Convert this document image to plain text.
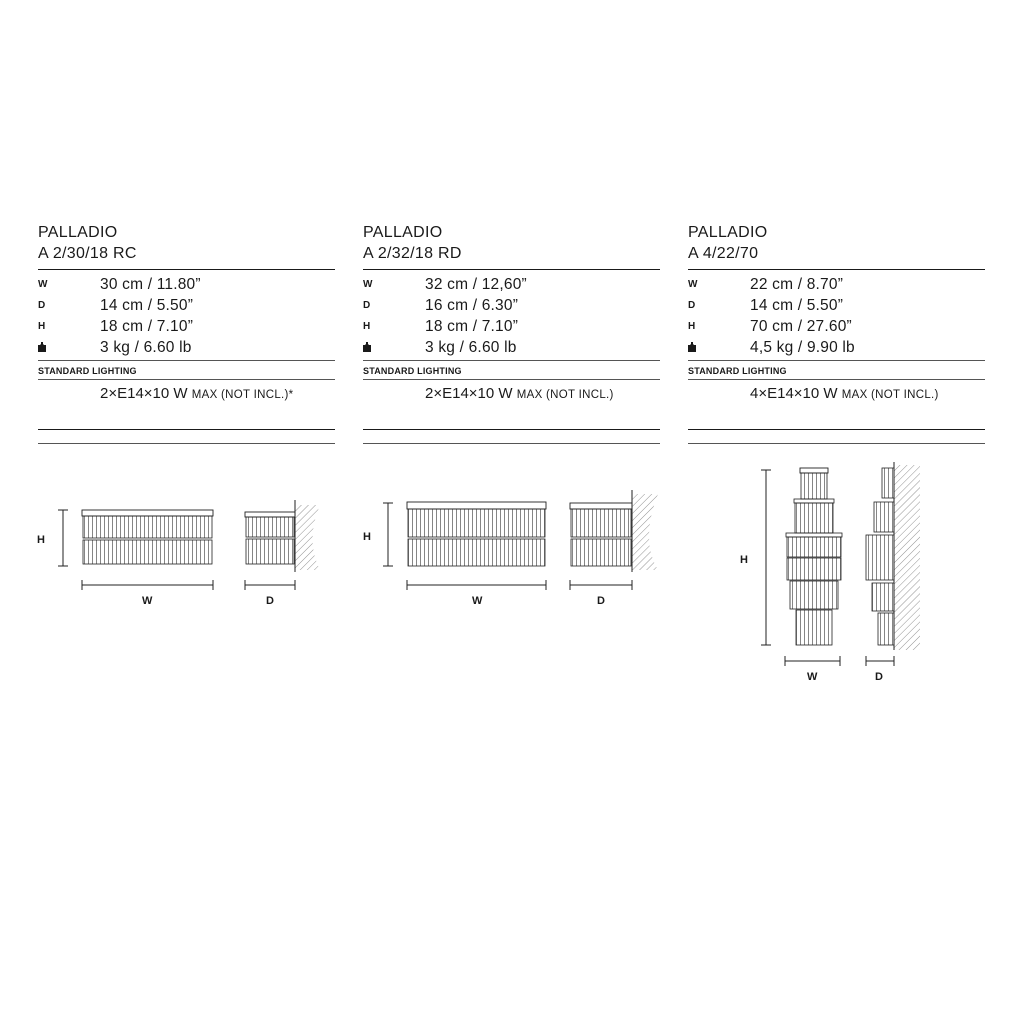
PALLADIO
A 2/30/18 RC
W	30 cm / 11.80”
D	14 cm / 5.50”
H	18 cm / 7.10”
3 kg / 6.60 lb
STANDARD LIGHTING
2×E14×10 W MAX (NOT INCL.)*
PALLADIO
A 2/32/18 RD
W	32 cm / 12,60”
D	16 cm / 6.30”
H	18 cm / 7.10”
3 kg / 6.60 lb
STANDARD LIGHTING
2×E14×10 W MAX (NOT INCL.)
PALLADIO
A 4/22/70
W	22 cm / 8.70”
D	14 cm / 5.50”
H	70 cm / 27.60”
4,5 kg / 9.90 lb
STANDARD LIGHTING
4×E14×10 W MAX (NOT INCL.)
H
W	D
H
W	D
H
W	D
